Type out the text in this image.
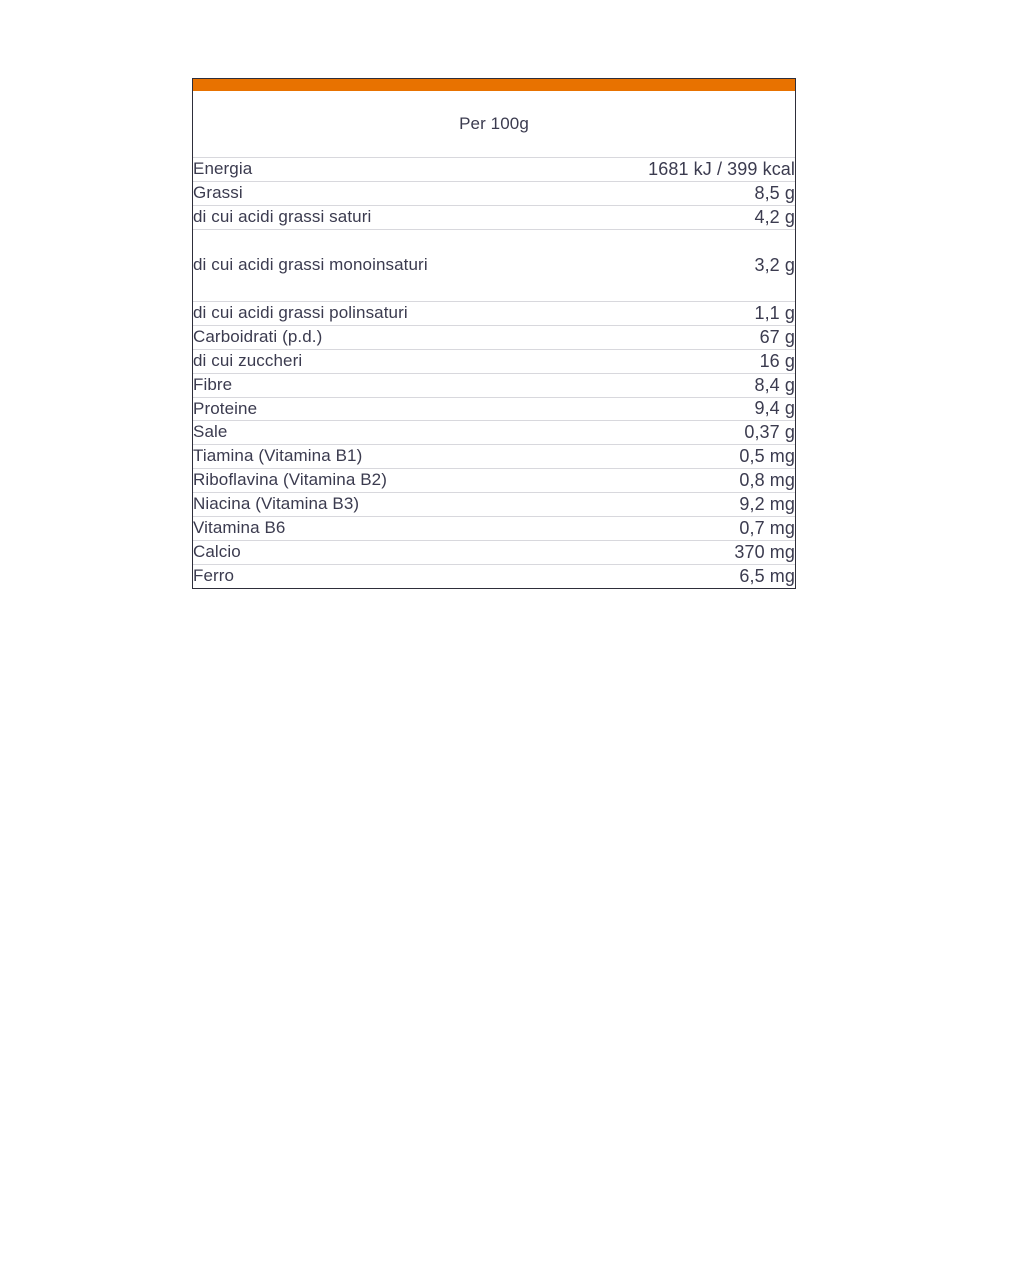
Per 100g	
Energia	1681 kJ / 399 kcal
Grassi	8,5 g
di cui acidi grassi saturi	4,2 g
di cui acidi grassi monoinsaturi	3,2 g
di cui acidi grassi polinsaturi	1,1 g
Carboidrati (p.d.)	67 g
di cui zuccheri	16 g
Fibre	8,4 g
Proteine	9,4 g
Sale	0,37 g
Tiamina (Vitamina B1)	0,5 mg
Riboflavina (Vitamina B2)	0,8 mg
Niacina (Vitamina B3)	9,2 mg
Vitamina B6	0,7 mg
Calcio	370 mg
Ferro	6,5 mg
